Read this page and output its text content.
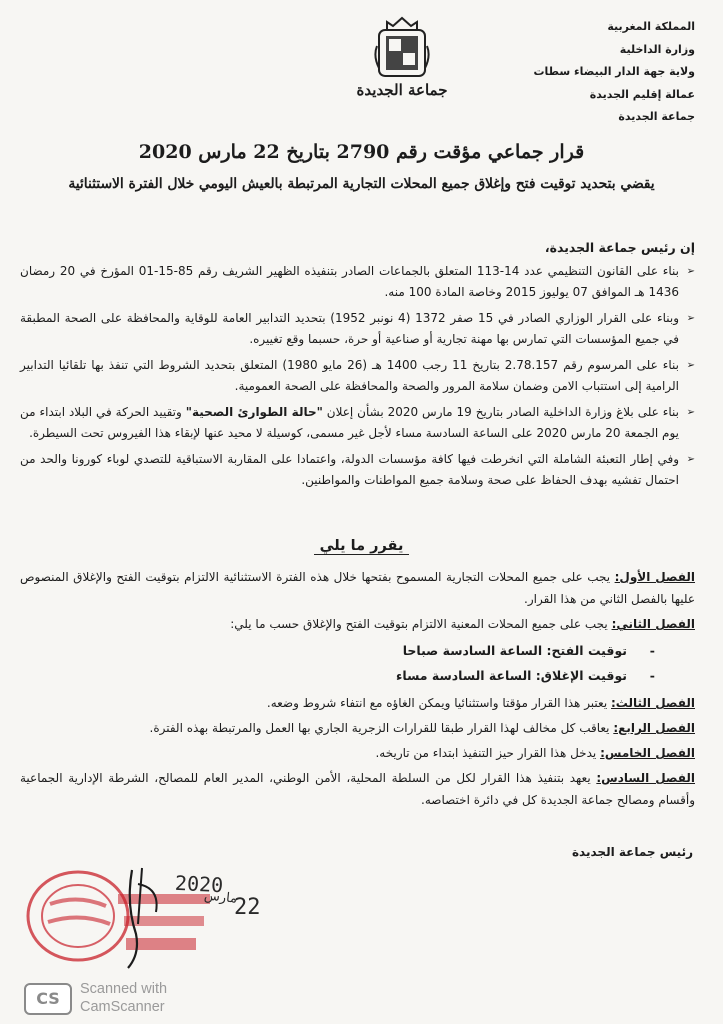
جماعة الجديدة
المملكة المغربية
وزارة الداخلية
ولاية جهة الدار البيضاء سطات
عمالة إقليم الجديدة
جماعة الجديدة
قرار جماعي مؤقت رقم 2790 بتاريخ 22 مارس 2020
يقضي بتحديد توقيت فتح وإغلاق جميع المحلات التجارية المرتبطة بالعيش اليومي خلال الفترة الاستثنائية
إن رئيس جماعة الجديدة،
➢
بناء على القانون التنظيمي عدد 14-113 المتعلق بالجماعات الصادر بتنفيذه الظهير الشريف رقم 85-15-01 المؤرخ في 20 رمضان 1436 هـ الموافق 07 يوليوز 2015 وخاصة المادة 100 منه.
➢
وبناء على القرار الوزاري الصادر في 15 صفر 1372 (4 نونبر 1952) بتحديد التدابير العامة للوقاية والمحافظة على الصحة المطبقة في جميع المؤسسات التي تمارس بها مهنة تجارية أو صناعية أو حرة، حسبما وقع تغييره.
➢
بناء على المرسوم رقم 2.78.157 بتاريخ 11 رجب 1400 هـ (26 مايو 1980) المتعلق بتحديد الشروط التي تنفذ بها تلقائيا التدابير الرامية إلى استتباب الامن وضمان سلامة المرور والصحة والمحافظة على الصحة العمومية.
➢
بناء على بلاغ وزارة الداخلية الصادر بتاريخ 19 مارس 2020 بشأن إعلان "حالة الطوارئ الصحية" وتقييد الحركة في البلاد ابتداء من يوم الجمعة 20 مارس 2020 على الساعة السادسة مساء لأجل غير مسمى، كوسيلة لا محيد عنها لإبقاء هذا الفيروس تحت السيطرة.
➢
وفي إطار التعبئة الشاملة التي انخرطت فيها كافة مؤسسات الدولة، واعتمادا على المقاربة الاستباقية للتصدي لوباء كورونا والحد من احتمال تفشيه بهدف الحفاظ على صحة وسلامة جميع المواطنات والمواطنين.
يقرر ما يلي
الفصل الأول: يجب على جميع المحلات التجارية المسموح بفتحها خلال هذه الفترة الاستثنائية الالتزام بتوقيت الفتح والإغلاق المنصوص عليها بالفصل الثاني من هذا القرار.
الفصل الثاني: يجب على جميع المحلات المعنية الالتزام بتوقيت الفتح والإغلاق حسب ما يلي:
-توقيت الفتح: الساعة السادسة صباحا
-توقيت الإغلاق: الساعة السادسة مساء
الفصل الثالث: يعتبر هذا القرار مؤقتا واستثنائيا ويمكن الغاؤه مع انتفاء شروط وضعه.
الفصل الرابع: يعاقب كل مخالف لهذا القرار طبقا للقرارات الزجرية الجاري بها العمل والمرتبطة بهذه الفترة.
الفصل الخامس: يدخل هذا القرار حيز التنفيذ ابتداء من تاريخه.
الفصل السادس: يعهد بتنفيذ هذا القرار لكل من السلطة المحلية، الأمن الوطني، المدير العام للمصالح، الشرطة الإدارية الجماعية وأقسام ومصالح جماعة الجديدة كل في دائرة اختصاصه.
رئيس جماعة الجديدة
2020
مارس
22
CS	Scanned with
CamScanner
